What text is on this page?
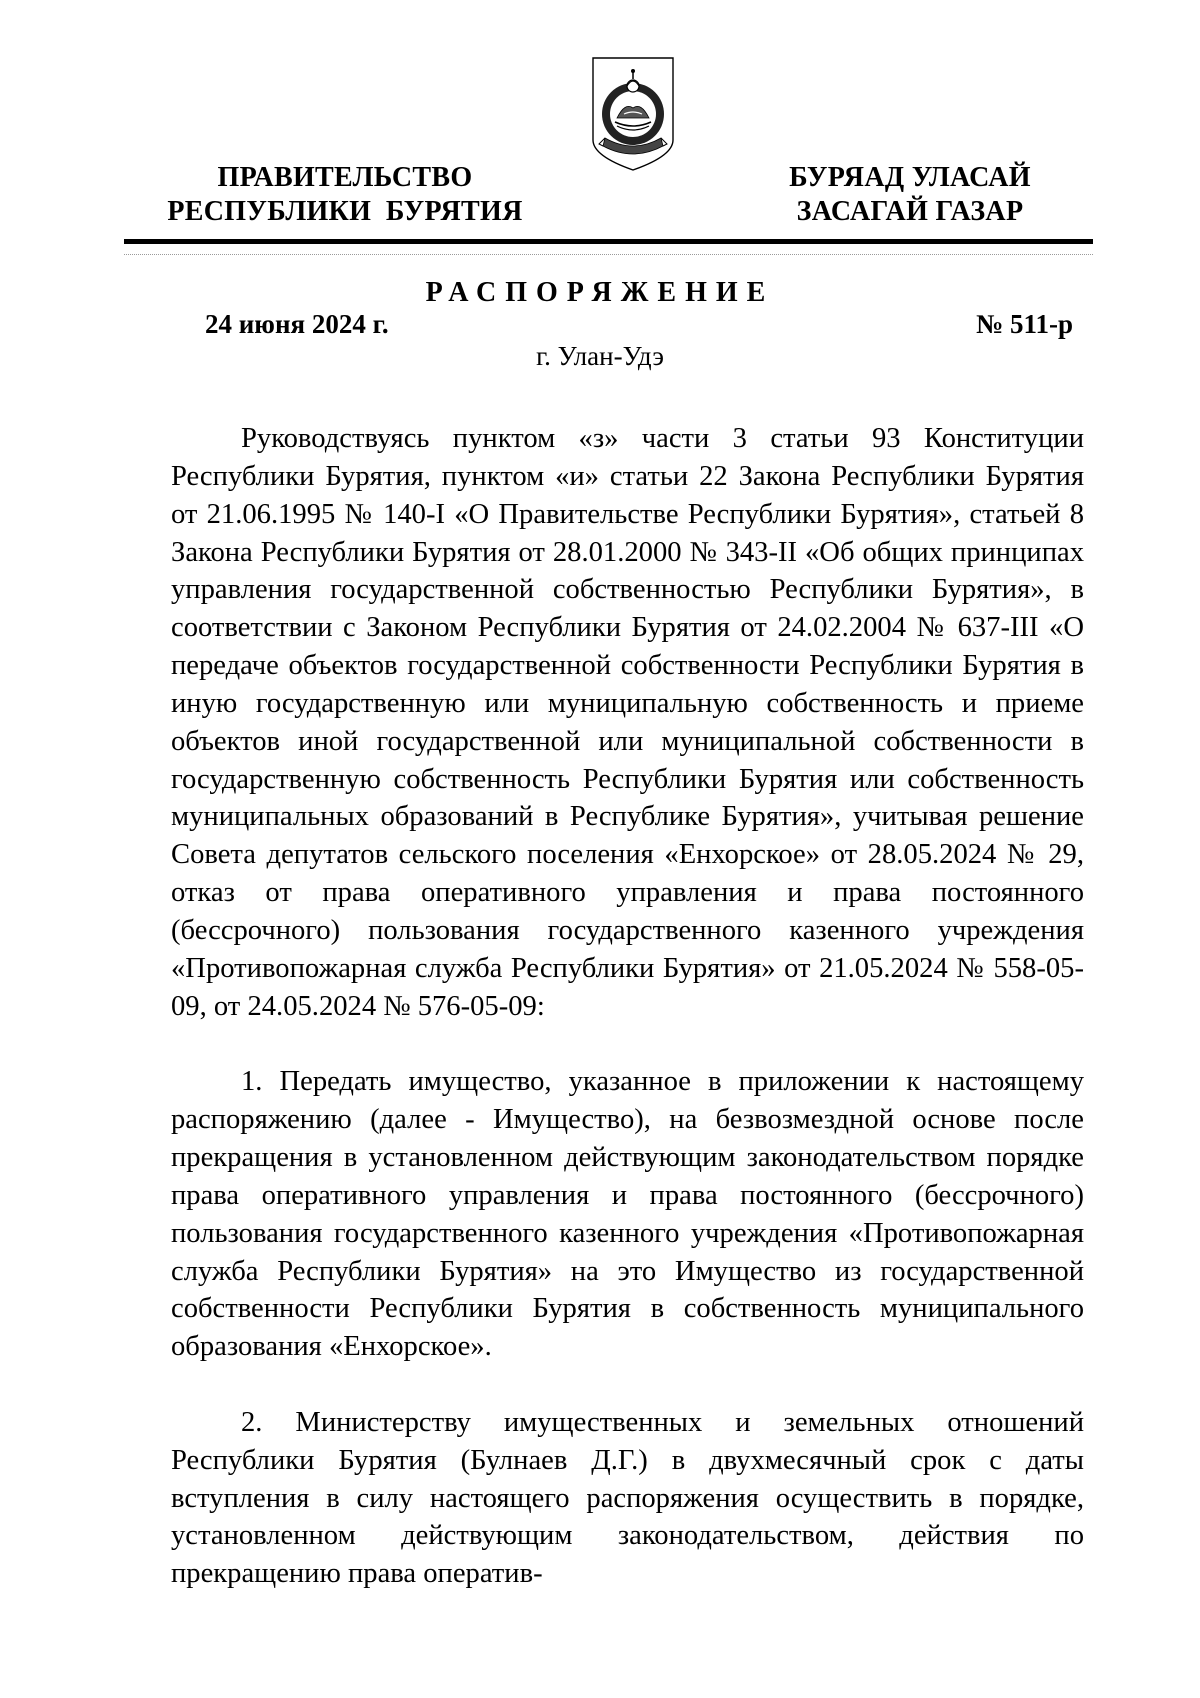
ПРАВИТЕЛЬСТВО
РЕСПУБЛИКИ  БУРЯТИЯ
БУРЯАД УЛАСАЙ
ЗАСАГАЙ ГАЗАР
РАСПОРЯЖЕНИЕ
24 июня 2024 г.	№ 511-р
г. Улан-Удэ

Руководствуясь пунктом «з» части 3 статьи 93 Конституции Республики Бурятия, пунктом «и» статьи 22 Закона Республики Бурятия от 21.06.1995 № 140-I «О Правительстве Республики Бурятия», статьей 8 Закона Республики Бурятия от 28.01.2000 № 343-II «Об общих принципах управления государственной собственностью Республики Бурятия», в соответствии с Законом Республики Бурятия от 24.02.2004 № 637-III «О передаче объектов государственной собственности Республики Бурятия в иную государственную или муниципальную собственность и приеме объектов иной государственной или муниципальной собственности в государственную собственность Республики Бурятия или собственность муниципальных образований в Республике Бурятия», учитывая решение Совета депутатов сельского поселения «Енхорское» от 28.05.2024 № 29, отказ от права оперативного управления и права постоянного (бессрочного) пользования государственного казенного учреждения «Противопожарная служба Республики Бурятия» от 21.05.2024 № 558-05-09, от 24.05.2024 № 576-05-09:

1. Передать имущество, указанное в приложении к настоящему распоряжению (далее - Имущество), на безвозмездной основе после прекращения в установленном действующим законодательством порядке права оперативного управления и права постоянного (бессрочного) пользования государственного казенного учреждения «Противопожарная служба Республики Бурятия» на это Имущество из государственной собственности Республики Бурятия в собственность муниципального образования «Енхорское».

2. Министерству имущественных и земельных отношений Республики Бурятия (Булнаев Д.Г.) в двухмесячный срок с даты вступления в силу настоящего распоряжения осуществить в порядке, установленном действующим законодательством, действия по прекращению права оператив-
